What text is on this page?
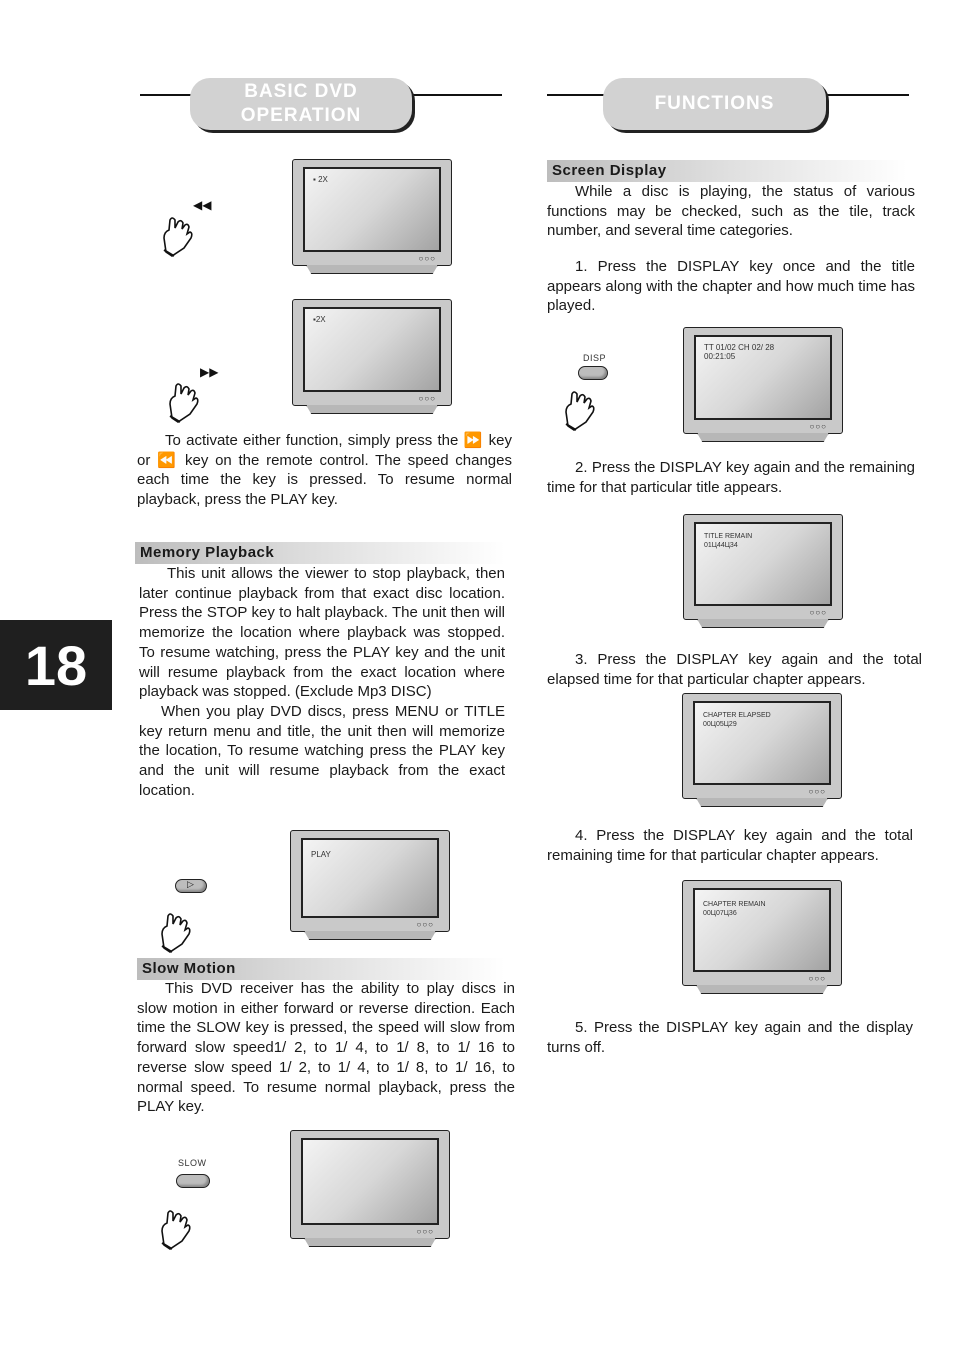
BASIC DVD OPERATION
FUNCTIONS
18
◀◀
▪ 2X
○○○
▶▶
▪2X
○○○
To activate either function, simply press the ⏩ key or ⏪ key on the remote control. The speed changes each time the key is pressed. To resume normal playback, press the PLAY key.
Memory Playback

This unit allows the viewer to stop playback, then later continue playback from that exact disc location. Press the STOP key to halt playback. The unit then will memorize the location where playback was stopped. To resume watching, press the PLAY key and the unit will resume playback from the exact location where playback was stopped. (Exclude Mp3 DISC)

When you play DVD discs, press MENU or TITLE key return menu and title, the unit then will memorize the location, To resume watching press the PLAY key and the unit will resume playback from the exact location.

PLAY
○○○
▷
Slow Motion
This DVD receiver has the ability to play discs in slow motion in either forward or reverse direction. Each time the SLOW key is pressed, the speed will slow from forward slow speed1/ 2, to 1/ 4, to 1/ 8, to 1/ 16 to reverse slow speed 1/ 2, to 1/ 4, to 1/ 8, to 1/ 16, to normal speed. To resume normal playback, press the PLAY key.
SLOW
○○○
Screen Display
While a disc is playing, the status of various functions may be checked, such as the tile, track number, and several time categories.
1. Press the DISPLAY key once and the title appears along with the chapter and how much time has played.
DISP
TT 01/02 CH 02/ 28
00:21:05
○○○
2. Press the DISPLAY key again and the remaining time for that particular title appears.
TITLE REMAIN
01Ц44Ц34
○○○
3. Press the DISPLAY key again and the total elapsed time for that particular chapter appears.
CHAPTER ELAPSED
00Ц05Ц29
○○○
4. Press the DISPLAY key again and the total remaining time for that particular chapter appears.
CHAPTER REMAIN
00Ц07Ц36
○○○
5. Press the DISPLAY key again and the display turns off.
